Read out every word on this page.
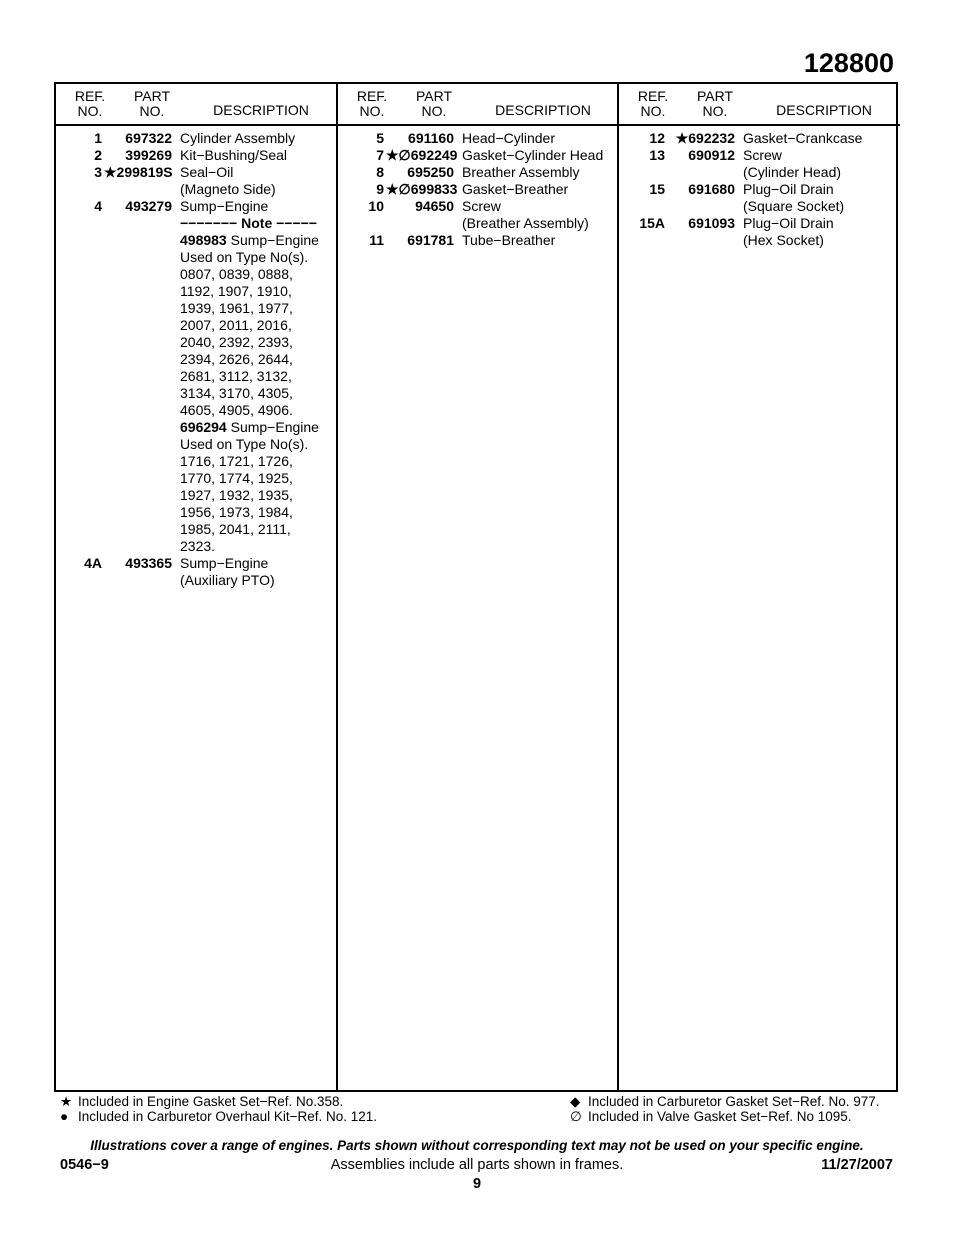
128800
REF.
NO.
PART
NO.	DESCRIPTION
1	697322 Cylinder Assembly
2	399269 Kit−Bushing/Seal
3 ★299819S Seal−Oil
(Magneto Side)
4	493279 Sump−Engine
−−−−−−− Note −−−−−
498983 Sump−Engine
Used on Type No(s).
0807, 0839, 0888,
1192, 1907, 1910,
1939, 1961, 1977,
2007, 2011, 2016,
2040, 2392, 2393,
2394, 2626, 2644,
2681, 3112, 3132,
3134, 3170, 4305,
4605, 4905, 4906.
696294 Sump−Engine
Used on Type No(s).
1716, 1721, 1726,
1770, 1774, 1925,
1927, 1932, 1935,
1956, 1973, 1984,
1985, 2041, 2111,
2323.
4A	493365 Sump−Engine
(Auxiliary PTO)
REF.
NO.
PART
NO.	DESCRIPTION
5	691160 Head−Cylinder
7 ★∅692249 Gasket−Cylinder Head
8	695250 Breather Assembly
9 ★∅699833 Gasket−Breather
10	94650 Screw
(Breather Assembly)
11	691781 Tube−Breather
REF.
NO.
PART
NO.	DESCRIPTION
12 ★692232 Gasket−Crankcase
13	690912 Screw
(Cylinder Head)
15	691680 Plug−Oil Drain
(Square Socket)
15A	691093 Plug−Oil Drain
(Hex Socket)
★ Included in Engine Gasket Set−Ref. No.358.
● Included in Carburetor Overhaul Kit−Ref. No. 121.
◆ Included in Carburetor Gasket Set−Ref. No. 977.
∅ Included in Valve Gasket Set−Ref. No 1095.
Illustrations cover a range of engines. Parts shown without corresponding text may not be used on your specific engine.
0546−9	Assemblies include all parts shown in frames.	11/27/2007
9
